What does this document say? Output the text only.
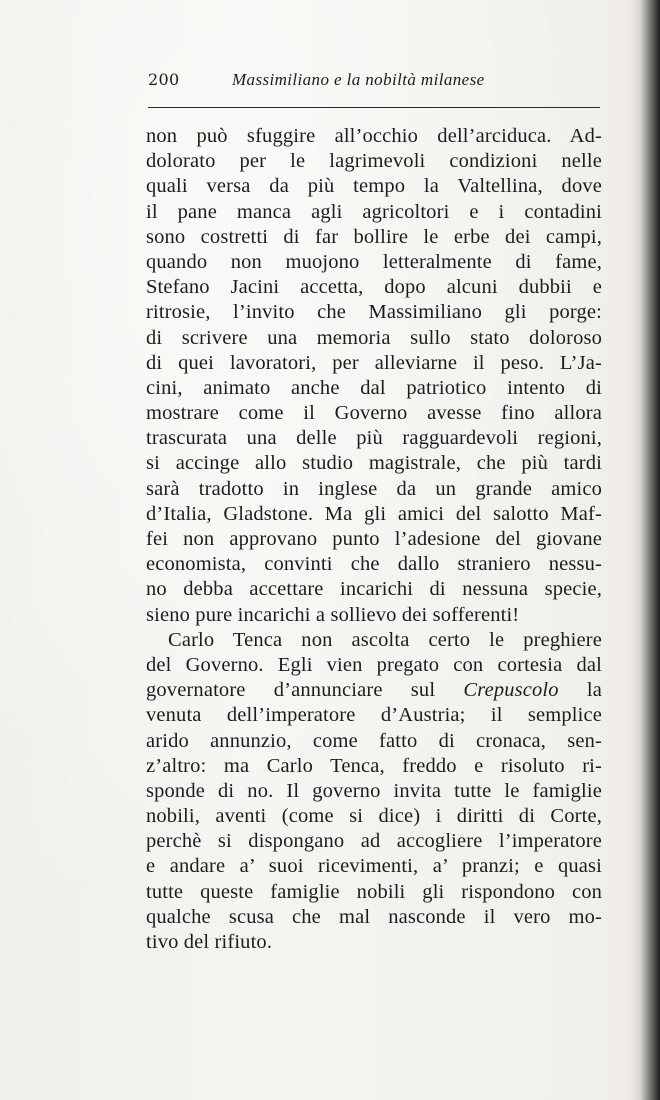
200	Massimiliano e la nobiltà milanese
non può sfuggire all’occhio dell’arciduca. Ad-
dolorato per le lagrimevoli condizioni nelle
quali versa da più tempo la Valtellina, dove
il pane manca agli agricoltori e i contadini
sono costretti di far bollire le erbe dei campi,
quando non muojono letteralmente di fame,
Stefano Jacini accetta, dopo alcuni dubbii e
ritrosie, l’invito che Massimiliano gli porge:
di scrivere una memoria sullo stato doloroso
di quei lavoratori, per alleviarne il peso. L’Ja-
cini, animato anche dal patriotico intento di
mostrare come il Governo avesse fino allora
trascurata una delle più ragguardevoli regioni,
si accinge allo studio magistrale, che più tardi
sarà tradotto in inglese da un grande amico
d’Italia, Gladstone. Ma gli amici del salotto Maf-
fei non approvano punto l’adesione del giovane
economista, convinti che dallo straniero nessu-
no debba accettare incarichi di nessuna specie,
sieno pure incarichi a sollievo dei sofferenti!
Carlo Tenca non ascolta certo le preghiere
del Governo. Egli vien pregato con cortesia dal
governatore d’annunciare sul Crepuscolo la
venuta dell’imperatore d’Austria; il semplice
arido annunzio, come fatto di cronaca, sen-
z’altro: ma Carlo Tenca, freddo e risoluto ri-
sponde di no. Il governo invita tutte le famiglie
nobili, aventi (come si dice) i diritti di Corte,
perchè si dispongano ad accogliere l’imperatore
e andare a’ suoi ricevimenti, a’ pranzi; e quasi
tutte queste famiglie nobili gli rispondono con
qualche scusa che mal nasconde il vero mo-
tivo del rifiuto.
